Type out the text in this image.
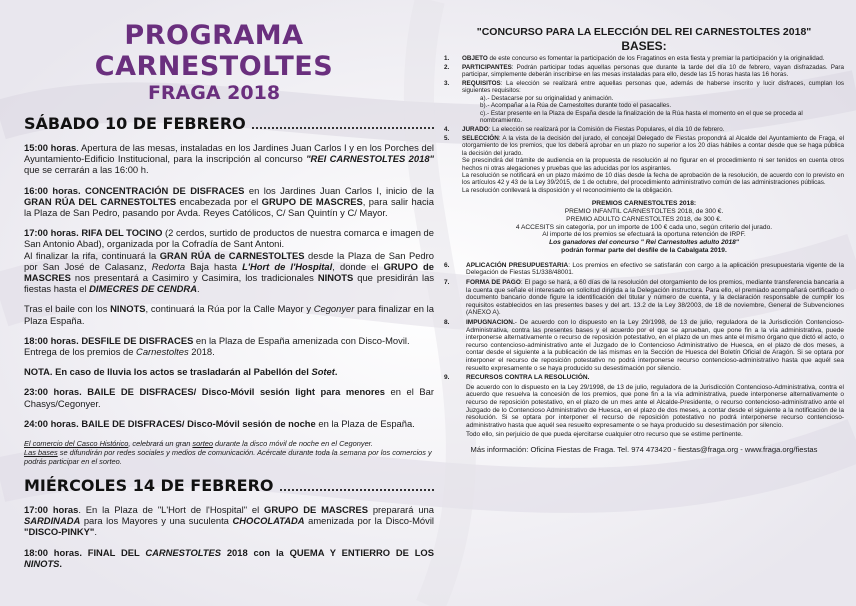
PROGRAMA CARNESTOLTES
FRAGA 2018
SÁBADO 10 DE FEBRERO
15:00 horas. Apertura de las mesas, instaladas en los Jardines Juan Carlos I y en los Porches del Ayuntamiento-Edificio Institucional, para la inscripción al concurso "REI CARNESTOLTES 2018" que se cerrarán a las 16:00 h.
16:00 horas. CONCENTRACIÓN DE DISFRACES en los Jardines Juan Carlos I, inicio de la GRAN RÚA DEL CARNESTOLTES encabezada por el GRUPO DE MASCRES, para salir hacia la Plaza de San Pedro, pasando por Avda. Reyes Católicos, C/ San Quintín y C/ Mayor.
17:00 horas. RIFA DEL TOCINO (2 cerdos, surtido de productos de nuestra comarca e imagen de San Antonio Abad), organizada por la Cofradía de Sant Antoni.
Al finalizar la rifa, continuará la GRAN RÚA de CARNESTOLTES desde la Plaza de San Pedro por San José de Calasanz, Redorta Baja hasta L'Hort de l'Hospital, donde el GRUPO de MASCRES nos presentará a Casimiro y Casimira, los tradicionales NINOTS que presidirán las fiestas hasta el DIMECRES DE CENDRA.
Tras el baile con los NINOTS, continuará la Rúa por la Calle Mayor y Cegonyer para finalizar en la Plaza España.
18:00 horas. DESFILE DE DISFRACES en la Plaza de España amenizada con Disco-Movil.
Entrega de los premios de Carnestoltes 2018.
NOTA. En caso de lluvia los actos se trasladarán al Pabellón del Sotet.
23:00 horas. BAILE DE DISFRACES/ Disco-Móvil sesión light para menores en el Bar Chasys/Cegonyer.
24:00 horas. BAILE DE DISFRACES/ Disco-Móvil sesión de noche en la Plaza de España.
El comercio del Casco Histórico, celebrará un gran sorteo durante la disco móvil de noche en el Cegonyer.
Las bases se difundirán por redes sociales y medios de comunicación. Acércate durante toda la semana por los comercios y podrás participar en el sorteo.
MIÉRCOLES 14 DE FEBRERO
17:00 horas. En la Plaza de "L'Hort de l'Hospital" el GRUPO DE MASCRES preparará una SARDINADA para los Mayores y una suculenta CHOCOLATADA amenizada por la Disco-Móvil "DISCO-PINKY".
18:00 horas. FINAL DEL CARNESTOLTES 2018 con la QUEMA Y ENTIERRO DE LOS NINOTS.
"CONCURSO PARA LA ELECCIÓN DEL REI CARNESTOLTES 2018"
BASES:
1.	OBJETO de este concurso es fomentar la participación de los Fragatinos en esta fiesta y premiar la participación y la originalidad.
2.	PARTICIPANTES: Podrán participar todas aquellas personas que durante la tarde del día 10 de febrero, vayan disfrazadas. Para participar, simplemente deberán inscribirse en las mesas instaladas para ello, desde las 15 horas hasta las 16 horas.
3.	REQUISITOS: La elección se realizará entre aquellas personas que, además de haberse inscrito y lucir disfraces, cumplan los siguientes requisitos:
a).- Destacarse por su originalidad y animación.
b).- Acompañar a la Rúa de Carnestoltes durante todo el pasacalles.
c).- Estar presente en la Plaza de España desde la finalización de la Rúa hasta el momento en el que se proceda al nombramiento.
4.	JURADO: La elección se realizará por la Comisión de Fiestas Populares, el día 10 de febrero.
5.	SELECCIÓN: A la vista de la decisión del jurado, el concejal Delegado de Fiestas propondrá al Alcalde del Ayuntamiento de Fraga, el otorgamiento de los premios, que los deberá aprobar en un plazo no superior a los 20 días hábiles a contar desde que se haga pública la decisión del jurado.
Se prescindirá del trámite de audiencia en la propuesta de resolución al no figurar en el procedimiento ni ser tenidos en cuenta otros hechos ni otras alegaciones y pruebas que las aducidas por los aspirantes.
La resolución se notificará en un plazo máximo de 10 días desde la fecha de aprobación de la resolución, de acuerdo con lo previsto en los artículos 42 y 43 de la Ley 39/2015, de 1 de octubre, del procedimiento administrativo común de las administraciones públicas.
La resolución conllevará la disposición y el reconocimiento de la obligación.
PREMIOS CARNESTOLTES 2018:
PREMIO INFANTIL CARNESTOLTES 2018, de 300 €.
PREMIO ADULTO CARNESTOLTES 2018, de 300 €.
4 ACCESITS sin categoría, por un importe de 100 € cada uno, según criterio del jurado.
Al importe de los premios se efectuará la oportuna retención de IRPF.
Los ganadores del concurso " Rei Carnestoltes adulto 2018"
podrán formar parte del desfile de la Cabalgata 2019.
6.	APLICACIÓN PRESUPUESTARIA: Los premios en efectivo se satisfarán con cargo a la aplicación presupuestaria vigente de la Delegación de Fiestas 51/338/48001.
7.	FORMA DE PAGO: El pago se hará, a 60 días de la resolución del otorgamiento de los premios, mediante transferencia bancaria a la cuenta que señale el interesado en solicitud dirigida a la Delegación instructora. Para ello, el premiado acompañará certificado o documento bancario donde figure la identificación del titular y número de cuenta, y la declaración responsable de cumplir los requisitos establecidos en las presentes bases y del art. 13.2 de la Ley 38/2003, de 18 de noviembre, General de Subvenciones (ANEXO A).
8.	IMPUGNACION.- De acuerdo con lo dispuesto en la Ley 29/1998, de 13 de julio, reguladora de la Jurisdicción Contencioso-Administrativa, contra las presentes bases y el acuerdo por el que se aprueban, que pone fin a la vía administrativa, puede interponerse alternativamente o recurso de reposición potestativo, en el plazo de un mes ante el mismo órgano que dictó el acto, o recurso contencioso-administrativo ante el Juzgado de lo Contencioso Administrativo de Huesca, en el plazo de dos meses, a contar desde el siguiente a la publicación de las mismas en la Sección de Huesca del Boletín Oficial de Aragón. Si se optara por interponer el recurso de reposición potestativo no podrá interponerse recurso contencioso-administrativo hasta que aquél sea resuelto expresamente o se haya producido su desestimación por silencio.
9.	RECURSOS CONTRA LA RESOLUCIÓN.
De acuerdo con lo dispuesto en la Ley 29/1998, de 13 de julio, reguladora de la Jurisdicción Contencioso-Administrativa, contra el acuerdo que resuelva la concesión de los premios, que pone fin a la vía administrativa, puede interponerse alternativamente o recurso de reposición potestativo, en el plazo de un mes ante el Alcalde-Presidente, o recurso contencioso-administrativo ante el Juzgado de lo Contencioso Administrativo de Huesca, en el plazo de dos meses, a contar desde el siguiente a la notificación de la resolución. Si se optara por interponer el recurso de reposición potestativo no podrá interponerse recurso contencioso-administrativo hasta que aquél sea resuelto expresamente o se haya producido su desestimación por silencio.
Todo ello, sin perjuicio de que pueda ejercitarse cualquier otro recurso que se estime pertinente.
Más información: Oficina Fiestas de Fraga. Tel. 974 473420 - fiestas@fraga.org - www.fraga.org/fiestas
